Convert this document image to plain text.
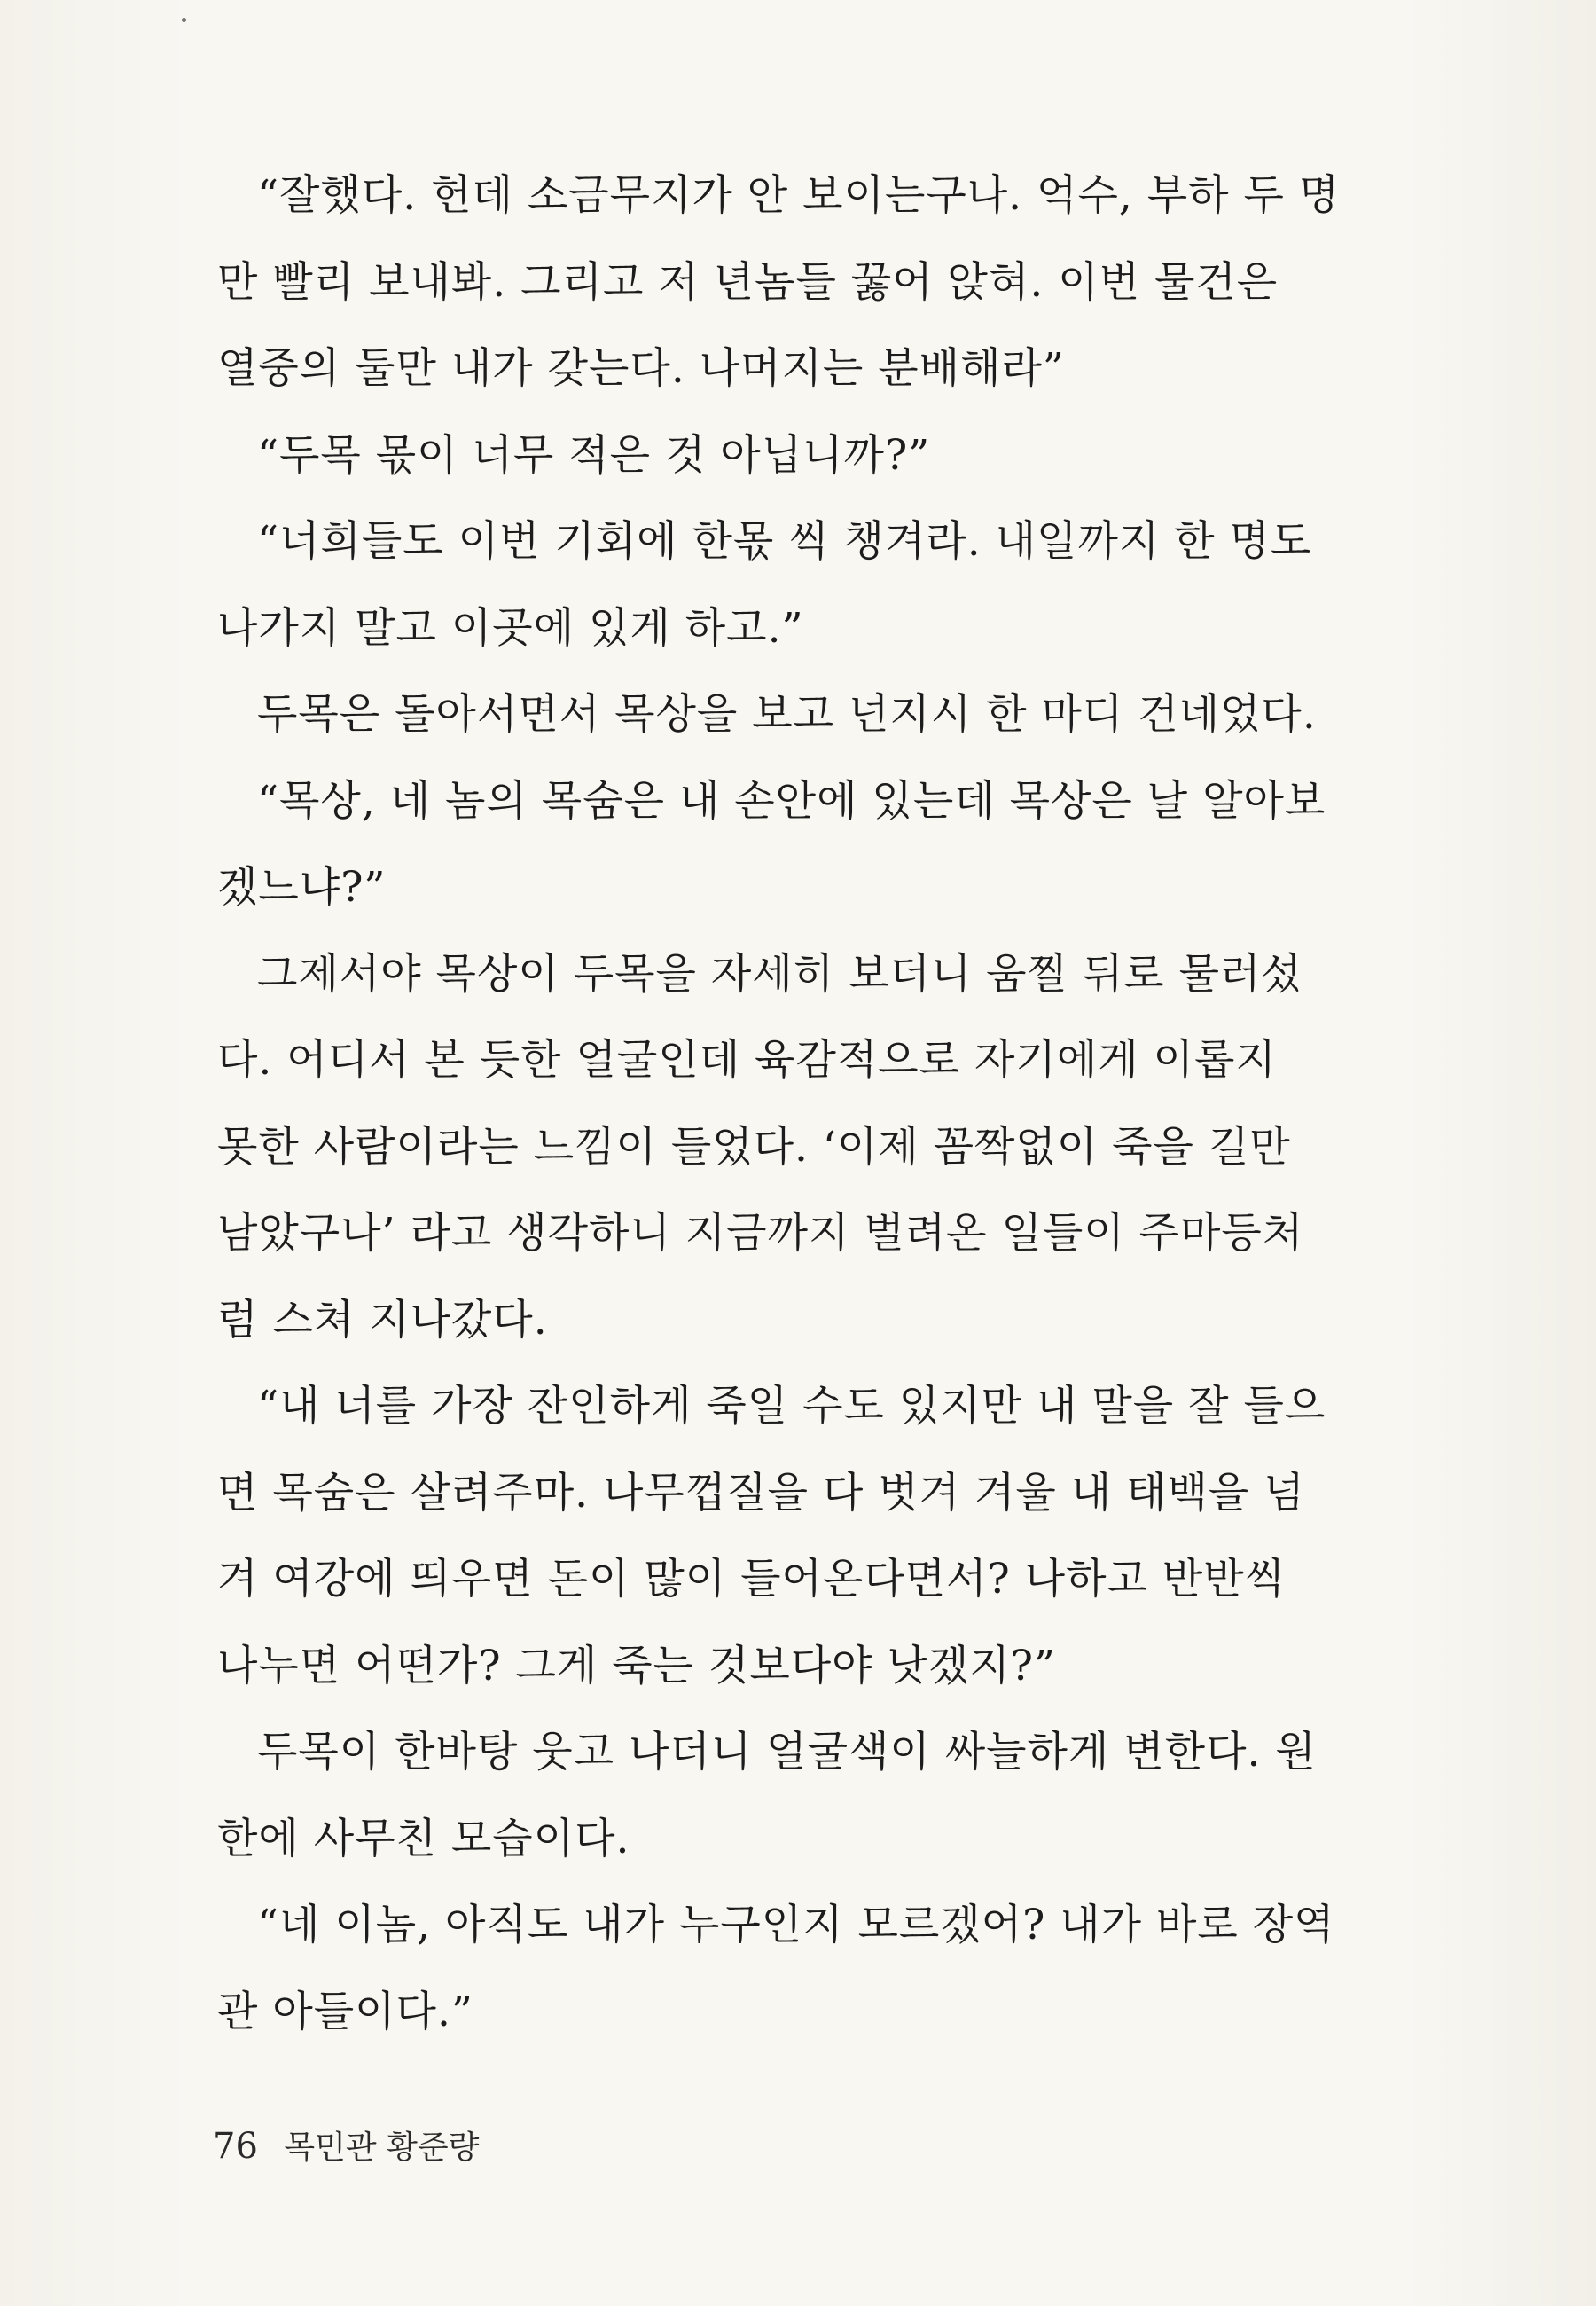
“잘했다. 헌데 소금무지가 안 보이는구나. 억수, 부하 두 명
만 빨리 보내봐. 그리고 저 년놈들 꿇어 앉혀. 이번 물건은
열중의 둘만 내가 갖는다. 나머지는 분배해라”
“두목 몫이 너무 적은 것 아닙니까?”
“너희들도 이번 기회에 한몫 씩 챙겨라. 내일까지 한 명도
나가지 말고 이곳에 있게 하고.”
두목은 돌아서면서 목상을 보고 넌지시 한 마디 건네었다.
“목상, 네 놈의 목숨은 내 손안에 있는데 목상은 날 알아보
겠느냐?”
그제서야 목상이 두목을 자세히 보더니 움찔 뒤로 물러섰
다. 어디서 본 듯한 얼굴인데 육감적으로 자기에게 이롭지
못한 사람이라는 느낌이 들었다. ‘이제 꼼짝없이 죽을 길만
남았구나’ 라고 생각하니 지금까지 벌려온 일들이 주마등처
럼 스쳐 지나갔다.
“내 너를 가장 잔인하게 죽일 수도 있지만 내 말을 잘 들으
면 목숨은 살려주마. 나무껍질을 다 벗겨 겨울 내 태백을 넘
겨 여강에 띄우면 돈이 많이 들어온다면서? 나하고 반반씩
나누면 어떤가? 그게 죽는 것보다야 낫겠지?”
두목이 한바탕 웃고 나더니 얼굴색이 싸늘하게 변한다. 원
한에 사무친 모습이다.
“네 이놈, 아직도 내가 누구인지 모르겠어? 내가 바로 장역
관 아들이다.”
76 목민관 황준량
